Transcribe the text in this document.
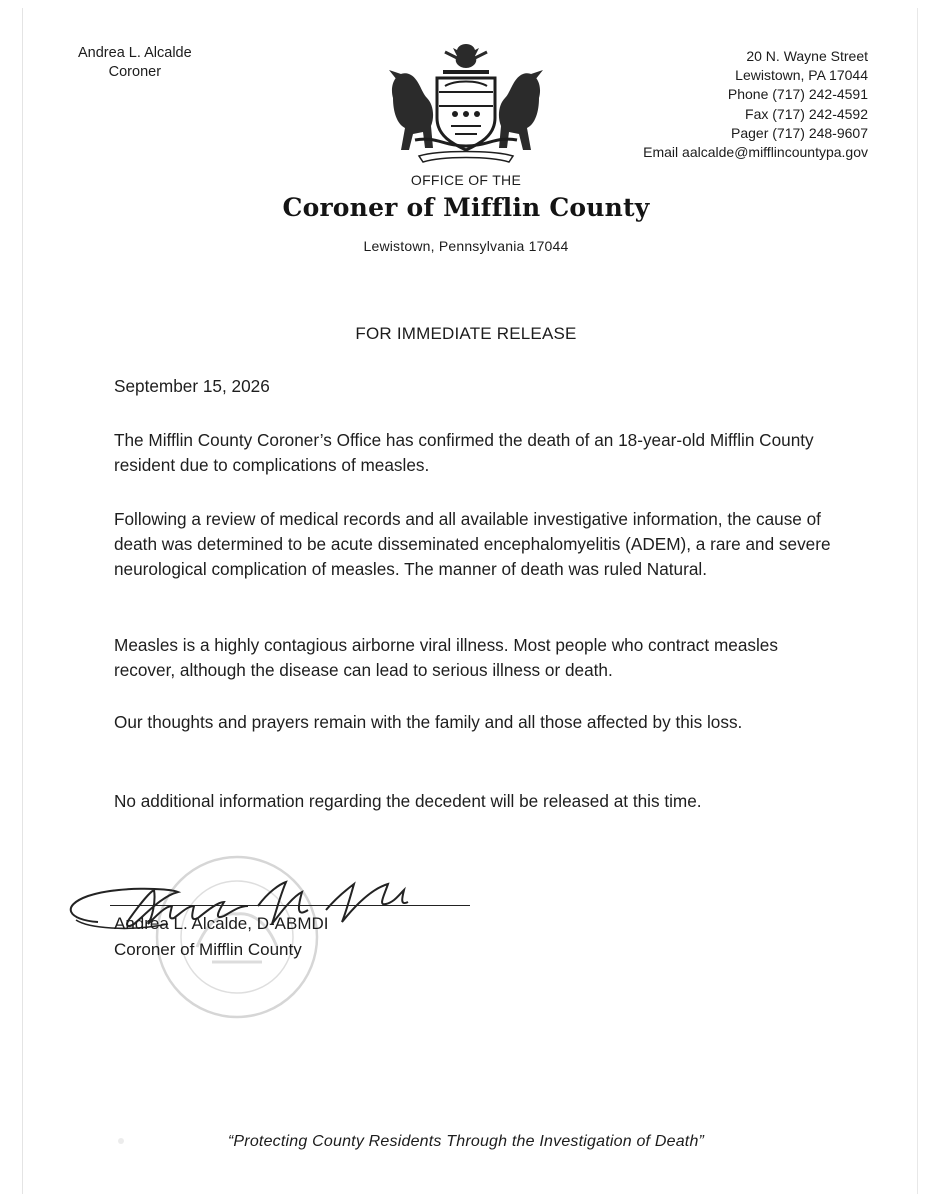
Andrea L. Alcalde
Coroner
20 N. Wayne Street
Lewistown, PA 17044
Phone (717) 242-4591
Fax (717) 242-4592
Pager (717) 248-9607
Email aalcalde@mifflincountypa.gov
OFFICE OF THE
Coroner of Mifflin County
Lewistown, Pennsylvania 17044
FOR IMMEDIATE RELEASE
September 15, 2026
The Mifflin County Coroner’s Office has confirmed the death of an 18-year-old Mifflin County resident due to complications of measles.
Following a review of medical records and all available investigative information, the cause of death was determined to be acute disseminated encephalomyelitis (ADEM), a rare and severe neurological complication of measles. The manner of death was ruled Natural.
Measles is a highly contagious airborne viral illness. Most people who contract measles recover, although the disease can lead to serious illness or death.
Our thoughts and prayers remain with the family and all those affected by this loss.
No additional information regarding the decedent will be released at this time.
Andrea L. Alcalde, D-ABMDI
Coroner of Mifflin County
“Protecting County Residents Through the Investigation of Death”
